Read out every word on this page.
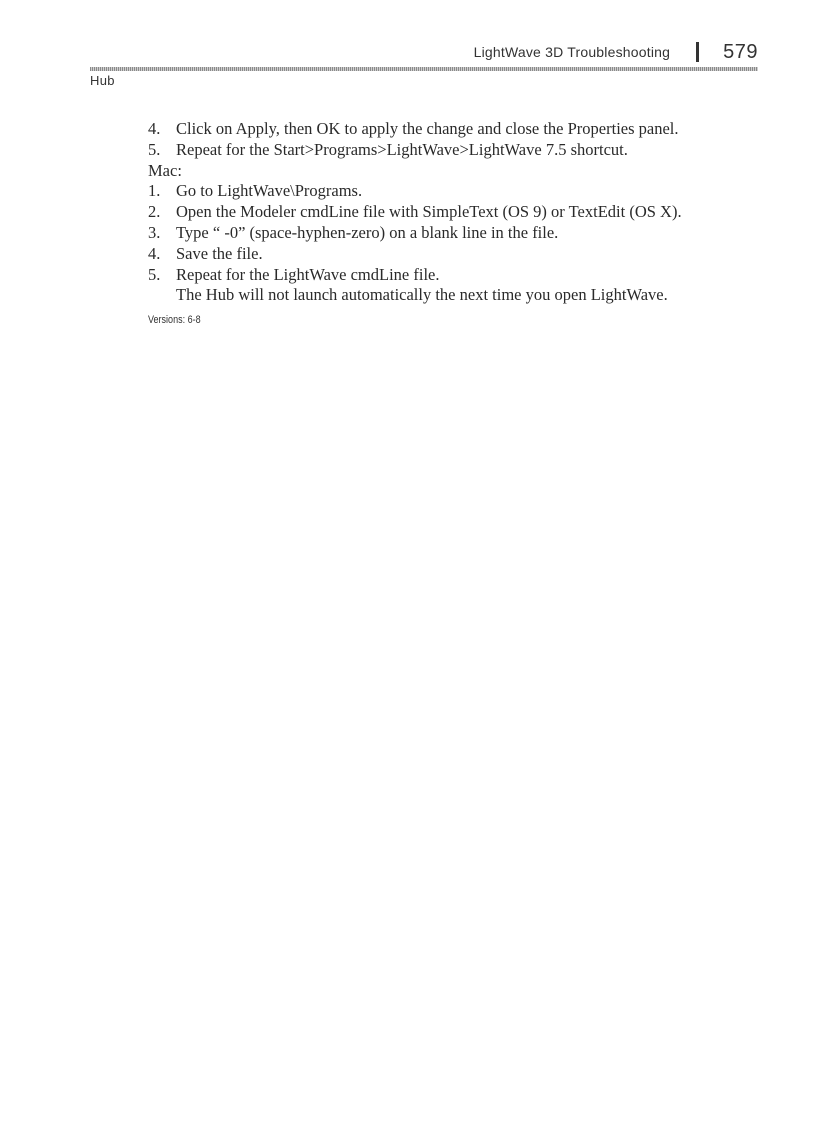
LightWave 3D Troubleshooting	579
Hub
4. Click on Apply, then OK to apply the change and close the Properties panel.
5. Repeat for the Start>Programs>LightWave>LightWave 7.5 shortcut.
Mac:
1. Go to LightWave\Programs.
2. Open the Modeler cmdLine file with SimpleText (OS 9) or TextEdit (OS X).
3. Type “ -0” (space-hyphen-zero) on a blank line in the file.
4. Save the file.
5. Repeat for the LightWave cmdLine file.
The Hub will not launch automatically the next time you open LightWave.
Versions: 6-8
